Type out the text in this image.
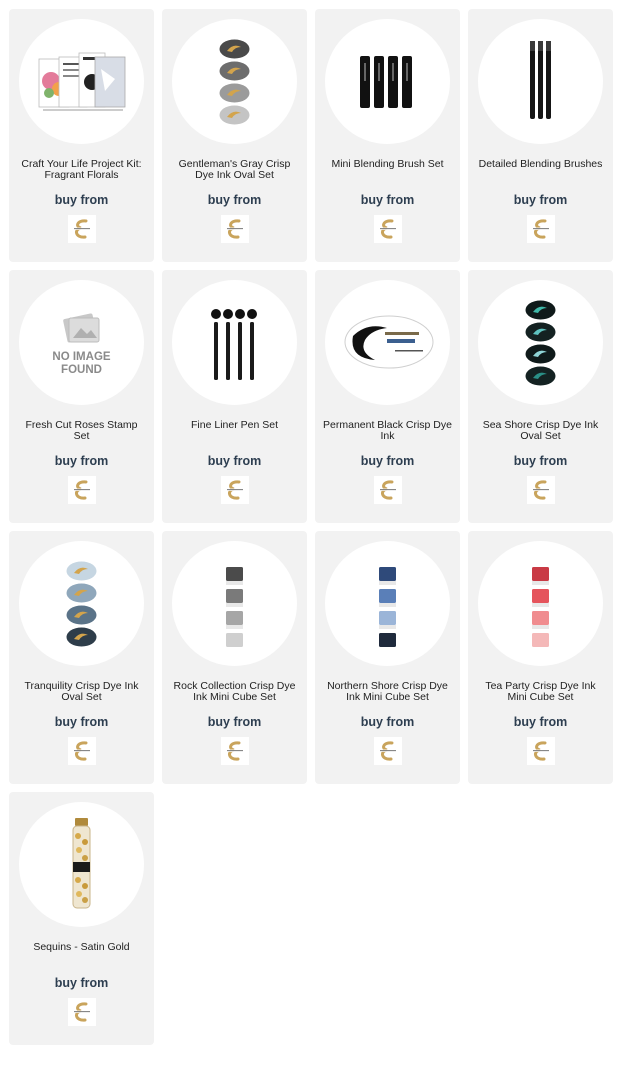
Craft Your Life Project Kit: Fragrant Florals
buy from
Gentleman's Gray Crisp Dye Ink Oval Set
buy from
Mini Blending Brush Set
buy from
Detailed Blending Brushes
buy from
NO IMAGE
FOUND
Fresh Cut Roses Stamp Set
buy from
Fine Liner Pen Set
buy from
Permanent Black Crisp Dye Ink
buy from
Sea Shore Crisp Dye Ink Oval Set
buy from
Tranquility Crisp Dye Ink Oval Set
buy from
Rock Collection Crisp Dye Ink Mini Cube Set
buy from
Northern Shore Crisp Dye Ink Mini Cube Set
buy from
Tea Party Crisp Dye Ink Mini Cube Set
buy from
Sequins - Satin Gold
buy from
